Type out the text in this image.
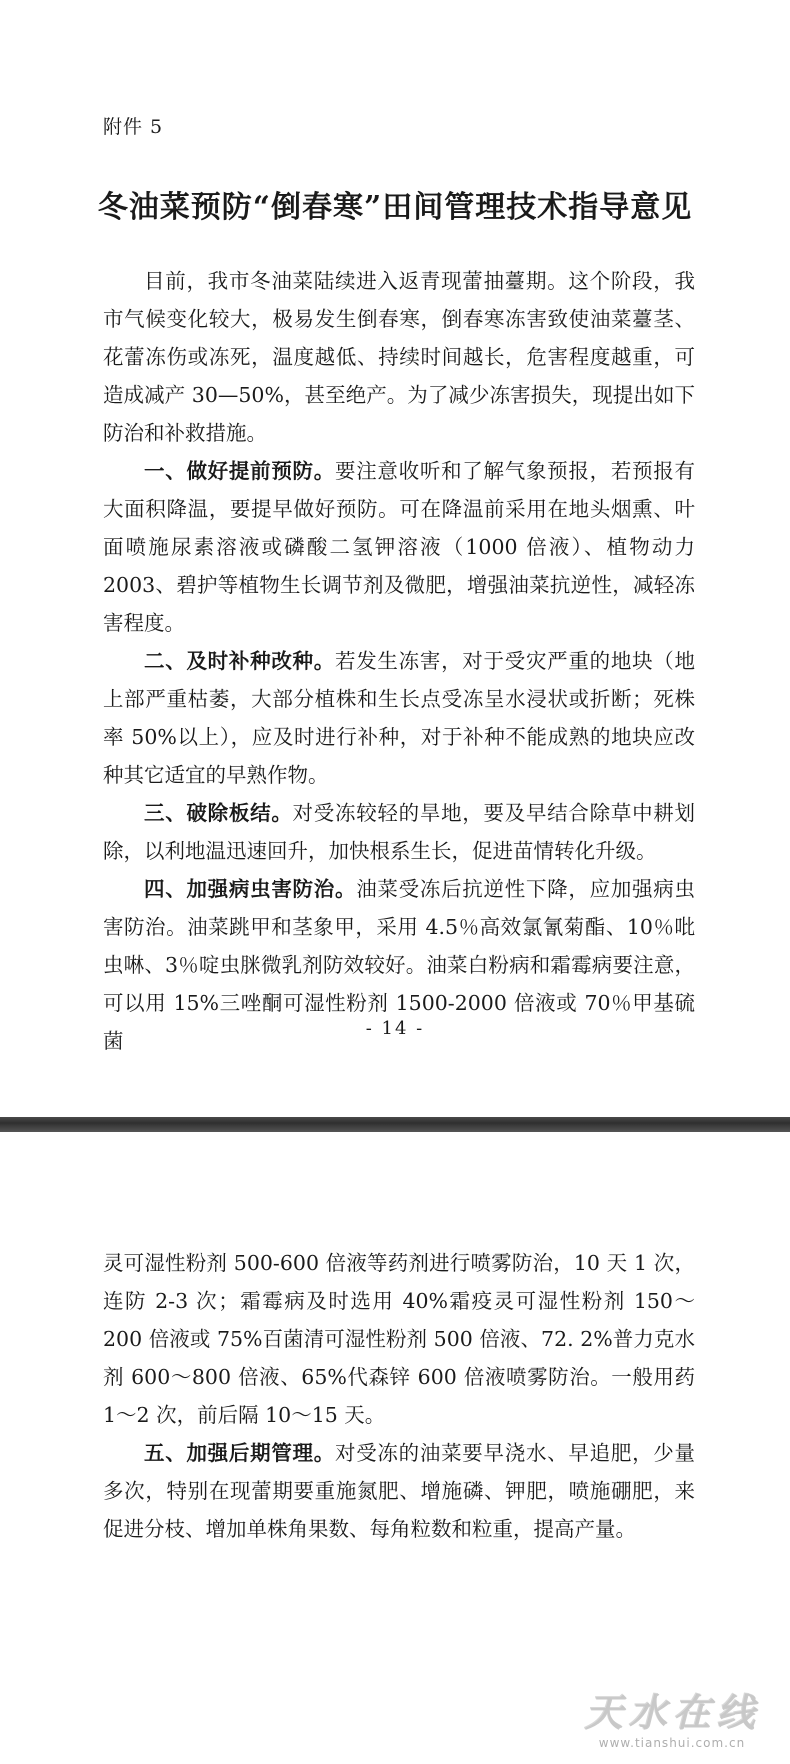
附件 5
冬油菜预防“倒春寒”田间管理技术指导意见

目前，我市冬油菜陆续进入返青现蕾抽薹期。这个阶段，我市气候变化较大，极易发生倒春寒，倒春寒冻害致使油菜薹茎、花蕾冻伤或冻死，温度越低、持续时间越长，危害程度越重，可造成减产 30—50%，甚至绝产。为了减少冻害损失，现提出如下防治和补救措施。

一、做好提前预防。要注意收听和了解气象预报，若预报有大面积降温，要提早做好预防。可在降温前采用在地头烟熏、叶面喷施尿素溶液或磷酸二氢钾溶液（1000 倍液）、植物动力 2003、碧护等植物生长调节剂及微肥，增强油菜抗逆性，减轻冻害程度。

二、及时补种改种。若发生冻害，对于受灾严重的地块（地上部严重枯萎，大部分植株和生长点受冻呈水浸状或折断；死株率 50%以上），应及时进行补种，对于补种不能成熟的地块应改种其它适宜的早熟作物。

三、破除板结。对受冻较轻的旱地，要及早结合除草中耕划除，以利地温迅速回升，加快根系生长，促进苗情转化升级。

四、加强病虫害防治。油菜受冻后抗逆性下降，应加强病虫害防治。油菜跳甲和茎象甲，采用 4.5％高效氯氰菊酯、10％吡虫啉、3％啶虫脒微乳剂防效较好。油菜白粉病和霜霉病要注意，可以用 15%三唑酮可湿性粉剂 1500-2000 倍液或 70％甲基硫菌

- 14 -

灵可湿性粉剂 500-600 倍液等药剂进行喷雾防治，10 天 1 次，连防 2-3 次；霜霉病及时选用 40%霜疫灵可湿性粉剂 150～200 倍液或 75%百菌清可湿性粉剂 500 倍液、72. 2%普力克水剂 600～800 倍液、65%代森锌 600 倍液喷雾防治。一般用药 1～2 次，前后隔 10～15 天。

五、加强后期管理。对受冻的油菜要早浇水、早追肥，少量多次，特别在现蕾期要重施氮肥、增施磷、钾肥，喷施硼肥，来促进分枝、增加单株角果数、每角粒数和粒重，提高产量。

天水在线
www.tianshui.com.cn
